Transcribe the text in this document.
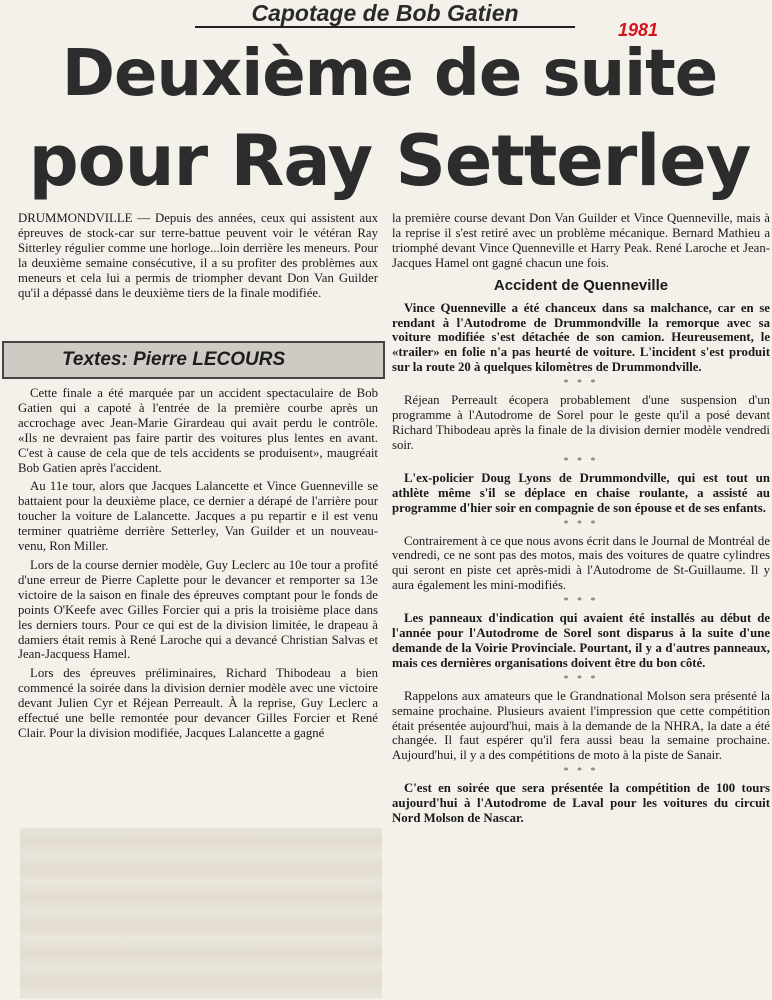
Capotage de Bob Gatien
1981
Deuxième de suite
pour Ray Setterley

DRUMMONDVILLE — Depuis des années, ceux qui assistent aux épreuves de stock-car sur terre-battue peuvent voir le vétéran Ray Sitterley régulier comme une horloge...loin derrière les meneurs. Pour la deuxième semaine consécutive, il a su profiter des problèmes aux meneurs et cela lui a permis de triompher devant Don Van Guilder qu'il a dépassé dans le deuxième tiers de la finale modifiée.

Textes: Pierre LECOURS

Cette finale a été marquée par un accident spectaculaire de Bob Gatien qui a capoté à l'entrée de la première courbe après un accrochage avec Jean-Marie Girardeau qui avait perdu le contrôle. «Ils ne devraient pas faire partir des voitures plus lentes en avant. C'est à cause de cela que de tels accidents se produisent», maugréait Bob Gatien après l'accident.

Au 11e tour, alors que Jacques Lalancette et Vince Guenneville se battaient pour la deuxième place, ce dernier a dérapé de l'arrière pour toucher la voiture de Lalancette. Jacques a pu repartir e il est venu terminer quatrième derrière Setterley, Van Guilder et un nouveau-venu, Ron Miller.

Lors de la course dernier modèle, Guy Leclerc au 10e tour a profité d'une erreur de Pierre Caplette pour le devancer et remporter sa 13e victoire de la saison en finale des épreuves comptant pour le fonds de points O'Keefe avec Gilles Forcier qui a pris la troisième place dans les derniers tours. Pour ce qui est de la division limitée, le drapeau à damiers était remis à René Laroche qui a devancé Christian Salvas et Jean-Jacquess Hamel.

Lors des épreuves préliminaires, Richard Thibodeau a bien commencé la soirée dans la division dernier modèle avec une victoire devant Julien Cyr et Réjean Perreault. À la reprise, Guy Leclerc a effectué une belle remontée pour devancer Gilles Forcier et René Clair. Pour la division modifiée, Jacques Lalancette a gagné

la première course devant Don Van Guilder et Vince Quenneville, mais à la reprise il s'est retiré avec un problème mécanique. Bernard Mathieu a triomphé devant Vince Quenneville et Harry Peak. René Laroche et Jean-Jacques Hamel ont gagné chacun une fois.

Accident de Quenneville

Vince Quenneville a été chanceux dans sa malchance, car en se rendant à l'Autodrome de Drummondville la remorque avec sa voiture modifiée s'est détachée de son camion. Heureusement, le «trailer» en folie n'a pas heurté de voiture. L'incident s'est produit sur la route 20 à quelques kilomètres de Drummondville.

* * *

Réjean Perreault écopera probablement d'une suspension d'un programme à l'Autodrome de Sorel pour le geste qu'il a posé devant Richard Thibodeau après la finale de la division dernier modèle vendredi soir.

* * *

L'ex-policier Doug Lyons de Drummondville, qui est tout un athlète même s'il se déplace en chaise roulante, a assisté au programme d'hier soir en compagnie de son épouse et de ses enfants.

* * *

Contrairement à ce que nous avons écrit dans le Journal de Montréal de vendredi, ce ne sont pas des motos, mais des voitures de quatre cylindres qui seront en piste cet après-midi à l'Autodrome de St-Guillaume. Il y aura également les mini-modifiés.

* * *

Les panneaux d'indication qui avaient été installés au début de l'année pour l'Autodrome de Sorel sont disparus à la suite d'une demande de la Voirie Provinciale. Pourtant, il y a d'autres panneaux, mais ces dernières organisations doivent être du bon côté.

* * *

Rappelons aux amateurs que le Grandnational Molson sera présenté la semaine prochaine. Plusieurs avaient l'impression que cette compétition était présentée aujourd'hui, mais à la demande de la NHRA, la date a été changée. Il faut espérer qu'il fera aussi beau la semaine prochaine. Aujourd'hui, il y a des compétitions de moto à la piste de Sanair.

* * *

C'est en soirée que sera présentée la compétition de 100 tours aujourd'hui à l'Autodrome de Laval pour les voitures du circuit Nord Molson de Nascar.
